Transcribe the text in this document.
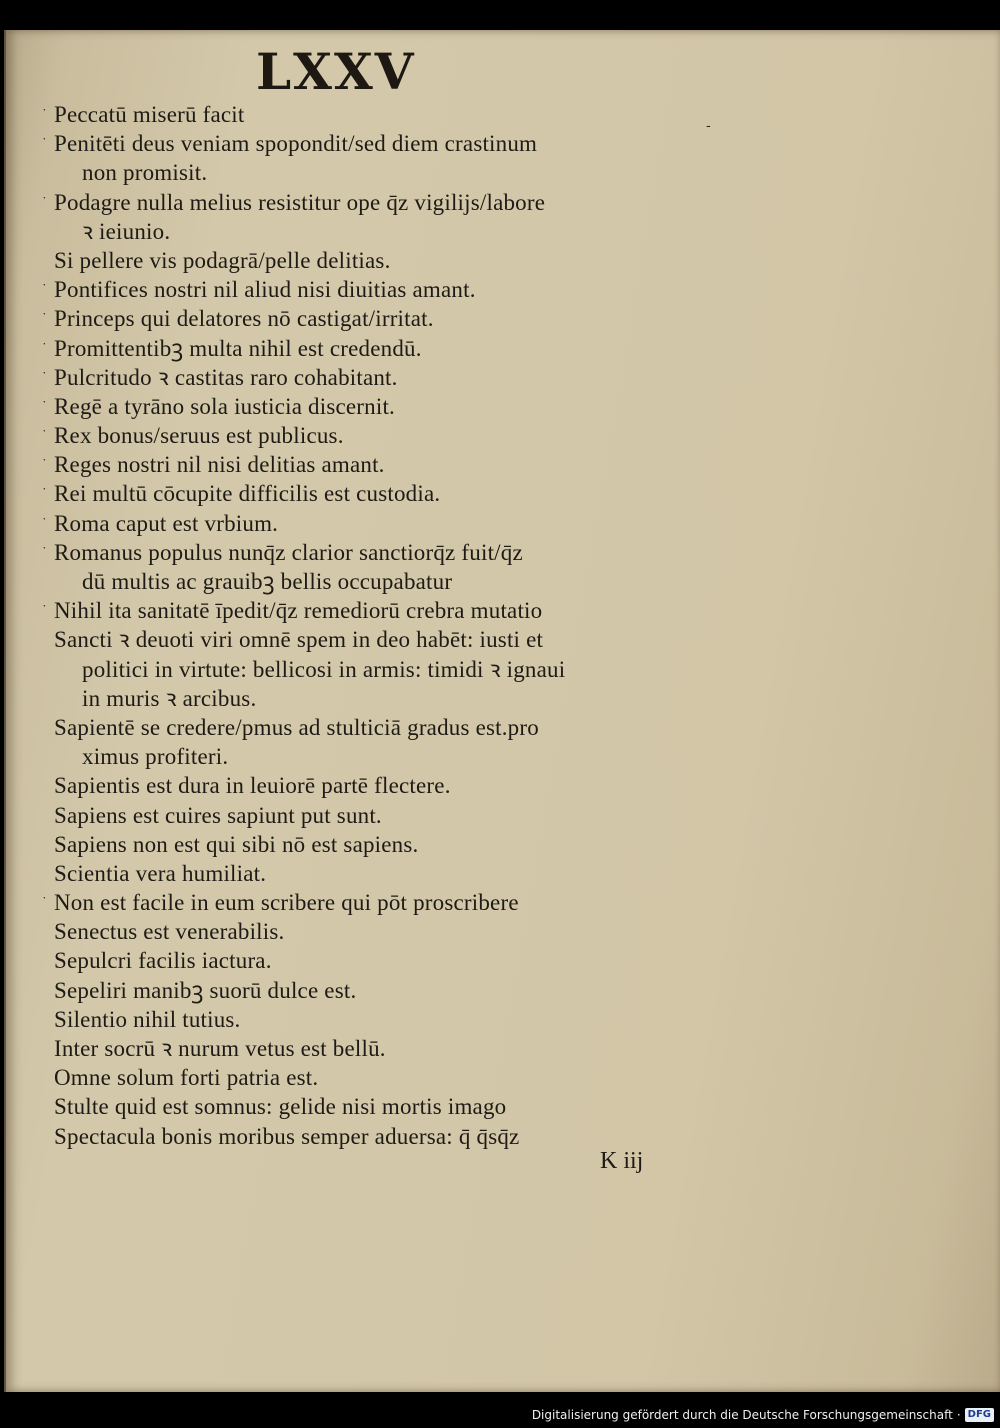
LXXV
-
˙ Peccatū miserū facit
˙ Penitēti deus veniam spopondit/sed diem crastinum
non promisit.
˙ Podagre nulla melius resistitur ope q̄z vigilijs/labore
ꝛ ieiunio.
Si pellere vis podagrā/pelle delitias.
˙ Pontifices nostri nil aliud nisi diuitias amant.
˙ Princeps qui delatores nō castigat/irritat.
˙ Promittentibꝫ multa nihil est credendū.
˙ Pulcritudo ꝛ castitas raro cohabitant.
˙ Regē a tyrāno sola iusticia discernit.
˙ Rex bonus/seruus est publicus.
˙ Reges nostri nil nisi delitias amant.
˙ Rei multū cōcupite difficilis est custodia.
˙ Roma caput est vrbium.
˙ Romanus populus nunq̄z clarior sanctiorq̄z fuit/q̄z
dū multis ac grauibꝫ bellis occupabatur
˙ Nihil ita sanitatē īpedit/q̄z remediorū crebra mutatio
Sancti ꝛ deuoti viri omnē spem in deo habēt: iusti et
politici in virtute: bellicosi in armis: timidi ꝛ ignaui
in muris ꝛ arcibus.
Sapientē se credere/pmus ad stulticiā gradus est.pro
ximus profiteri.
Sapientis est dura in leuiorē partē flectere.
Sapiens est cuires sapiunt put sunt.
Sapiens non est qui sibi nō est sapiens.
Scientia vera humiliat.
˙ Non est facile in eum scribere qui pōt proscribere
Senectus est venerabilis.
Sepulcri facilis iactura.
Sepeliri manibꝫ suorū dulce est.
Silentio nihil tutius.
Inter socrū ꝛ nurum vetus est bellū.
Omne solum forti patria est.
Stulte quid est somnus: gelide nisi mortis imago
Spectacula bonis moribus semper aduersa: q̄ q̄sq̄z
K iij
Digitalisierung gefördert durch die Deutsche Forschungsgemeinschaft · DFG
